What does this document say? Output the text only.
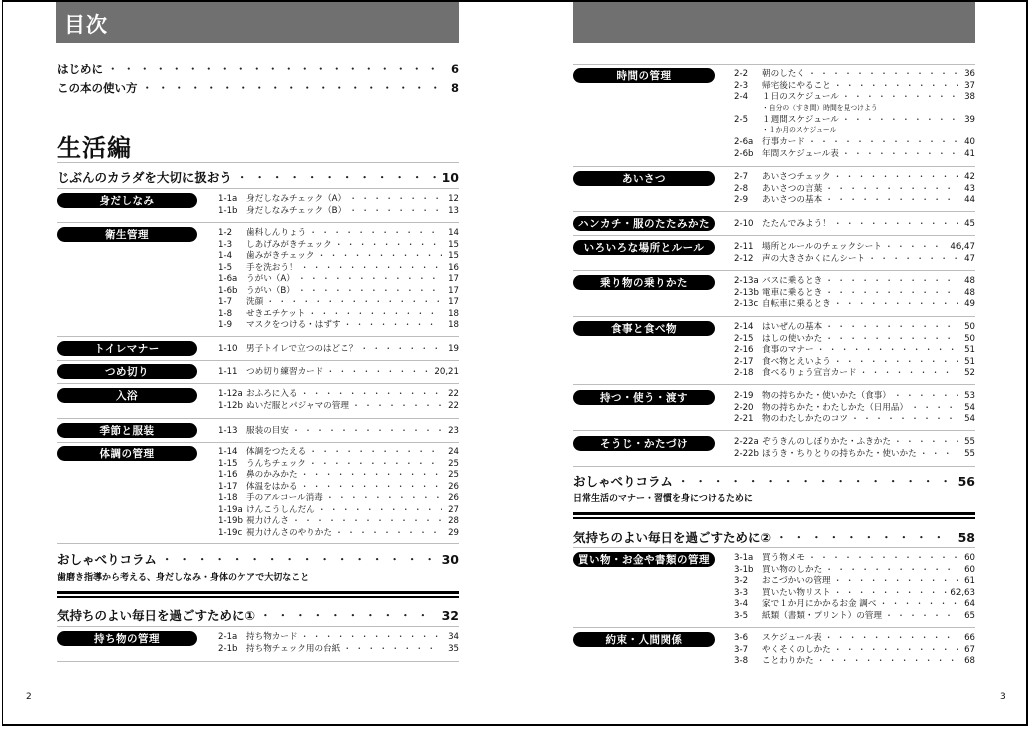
目次
はじめに ・・・・・・・・・・・・・・・・・・・・・・・・・・・・・・・・・・・・・・・・・・・・・・・・・・・・・・・・・	6
この本の使い方 ・・・・・・・・・・・・・・・・・・・・・・・・・・・・・・・・・・・・・・・・・・・・・・・・・・・・・・・・・	8
生活編
じぶんのカラダを大切に扱おう ・・・・・・・・・・・・・・・・・・・・・・・・・・・・・・・・・・・・・・・・・・・・・・・・・・・・・・・・・	10
身だしなみ	1-1a	身だしなみチェック（A） ・・・・・・・・・・・・・・・・・・・・・・・・・・・・・・・・・・・・・・・・・・・・・・・・・・・・・・・・・	12
1-1b 身だしなみチェック（B） ・・・・・・・・・・・・・・・・・・・・・・・・・・・・・・・・・・・・・・・・・・・・・・・・・・・・・・・・・	13
衛生管理	1-2	歯科しんりょう ・・・・・・・・・・・・・・・・・・・・・・・・・・・・・・・・・・・・・・・・・・・・・・・・・・・・・・・・・	14
1-3	しあげみがきチェック ・・・・・・・・・・・・・・・・・・・・・・・・・・・・・・・・・・・・・・・・・・・・・・・・・・・・・・・・・	15
1-4	歯みがきチェック ・・・・・・・・・・・・・・・・・・・・・・・・・・・・・・・・・・・・・・・・・・・・・・・・・・・・・・・・・	15
1-5	手を洗おう！ ・・・・・・・・・・・・・・・・・・・・・・・・・・・・・・・・・・・・・・・・・・・・・・・・・・・・・・・・・	16
1-6a	うがい（A） ・・・・・・・・・・・・・・・・・・・・・・・・・・・・・・・・・・・・・・・・・・・・・・・・・・・・・・・・・	17
1-6b うがい（B） ・・・・・・・・・・・・・・・・・・・・・・・・・・・・・・・・・・・・・・・・・・・・・・・・・・・・・・・・・	17
1-7	洗顔 ・・・・・・・・・・・・・・・・・・・・・・・・・・・・・・・・・・・・・・・・・・・・・・・・・・・・・・・・・	17
1-8	せきエチケット ・・・・・・・・・・・・・・・・・・・・・・・・・・・・・・・・・・・・・・・・・・・・・・・・・・・・・・・・・	18
1-9	マスクをつける・はずす ・・・・・・・・・・・・・・・・・・・・・・・・・・・・・・・・・・・・・・・・・・・・・・・・・・・・・・・・・	18
トイレマナー	1-10 男子トイレで立つのはどこ？ ・・・・・・・・・・・・・・・・・・・・・・・・・・・・・・・・・・・・・・・・・・・・・・・・・・・・・・・・・	19
つめ切り	1-11 つめ切り練習カード ・・・・・・・・・・・・・・・・・・・・・・・・・・・・・・・・・・・・・・・・・・・・・・・・・・・・・・・・・	20,21
入浴	1-12a おふろに入る ・・・・・・・・・・・・・・・・・・・・・・・・・・・・・・・・・・・・・・・・・・・・・・・・・・・・・・・・・	22
1-12b ぬいだ服とパジャマの管理 ・・・・・・・・・・・・・・・・・・・・・・・・・・・・・・・・・・・・・・・・・・・・・・・・・・・・・・・・・	22
季節と服装	1-13 服装の目安 ・・・・・・・・・・・・・・・・・・・・・・・・・・・・・・・・・・・・・・・・・・・・・・・・・・・・・・・・・	23
体調の管理	1-14 体調をつたえる ・・・・・・・・・・・・・・・・・・・・・・・・・・・・・・・・・・・・・・・・・・・・・・・・・・・・・・・・・	24
1-15 うんちチェック ・・・・・・・・・・・・・・・・・・・・・・・・・・・・・・・・・・・・・・・・・・・・・・・・・・・・・・・・・	25
1-16 鼻のかみかた ・・・・・・・・・・・・・・・・・・・・・・・・・・・・・・・・・・・・・・・・・・・・・・・・・・・・・・・・・	25
1-17 体温をはかる ・・・・・・・・・・・・・・・・・・・・・・・・・・・・・・・・・・・・・・・・・・・・・・・・・・・・・・・・・	26
1-18 手のアルコール消毒 ・・・・・・・・・・・・・・・・・・・・・・・・・・・・・・・・・・・・・・・・・・・・・・・・・・・・・・・・・	26
1-19a けんこうしんだん ・・・・・・・・・・・・・・・・・・・・・・・・・・・・・・・・・・・・・・・・・・・・・・・・・・・・・・・・・	27
1-19b 視力けんさ ・・・・・・・・・・・・・・・・・・・・・・・・・・・・・・・・・・・・・・・・・・・・・・・・・・・・・・・・・	28
1-19c 視力けんさのやりかた ・・・・・・・・・・・・・・・・・・・・・・・・・・・・・・・・・・・・・・・・・・・・・・・・・・・・・・・・・	29
おしゃべりコラム ・・・・・・・・・・・・・・・・・・・・・・・・・・・・・・・・・・・・・・・・・・・・・・・・・・・・・・・・・	30
歯磨き指導から考える、身だしなみ・身体のケアで大切なこと
気持ちのよい毎日を過ごすために① ・・・・・・・・・・・・・・・・・・・・・・・・・・・・・・・・・・・・・・・・・・・・・・・・・・・・・・・・・	32
持ち物の管理	2-1a	持ち物カード ・・・・・・・・・・・・・・・・・・・・・・・・・・・・・・・・・・・・・・・・・・・・・・・・・・・・・・・・・	34
2-1b 持ち物チェック用の台紙 ・・・・・・・・・・・・・・・・・・・・・・・・・・・・・・・・・・・・・・・・・・・・・・・・・・・・・・・・・	35
2
時間の管理	2-2	朝のしたく ・・・・・・・・・・・・・・・・・・・・・・・・・・・・・・・・・・・・・・・・・・・・・・・・・・・・・・・・・	36
2-3	帰宅後にやること ・・・・・・・・・・・・・・・・・・・・・・・・・・・・・・・・・・・・・・・・・・・・・・・・・・・・・・・・・	37
2-4	１日のスケジュール ・・・・・・・・・・・・・・・・・・・・・・・・・・・・・・・・・・・・・・・・・・・・・・・・・・・・・・・・・	38
・自分の（すき間）時間を見つけよう
2-5	１週間スケジュール ・・・・・・・・・・・・・・・・・・・・・・・・・・・・・・・・・・・・・・・・・・・・・・・・・・・・・・・・・	39
・１か月のスケジュール
2-6a	行事カード ・・・・・・・・・・・・・・・・・・・・・・・・・・・・・・・・・・・・・・・・・・・・・・・・・・・・・・・・・	40
2-6b 年間スケジュール表 ・・・・・・・・・・・・・・・・・・・・・・・・・・・・・・・・・・・・・・・・・・・・・・・・・・・・・・・・・	41
あいさつ	2-7	あいさつチェック ・・・・・・・・・・・・・・・・・・・・・・・・・・・・・・・・・・・・・・・・・・・・・・・・・・・・・・・・・	42
2-8	あいさつの言葉 ・・・・・・・・・・・・・・・・・・・・・・・・・・・・・・・・・・・・・・・・・・・・・・・・・・・・・・・・・	43
2-9	あいさつの基本 ・・・・・・・・・・・・・・・・・・・・・・・・・・・・・・・・・・・・・・・・・・・・・・・・・・・・・・・・・	44
ハンカチ・服のたたみかた	2-10 たたんでみよう！ ・・・・・・・・・・・・・・・・・・・・・・・・・・・・・・・・・・・・・・・・・・・・・・・・・・・・・・・・・	45
いろいろな場所とルール	2-11 場所とルールのチェックシート ・・・・・・・・・・・・・・・・・・・・・・・・・・・・・・・・・・・・・・・・・・・・・・・・・・・・・・・・・	46,47
2-12 声の大きさかくにんシート ・・・・・・・・・・・・・・・・・・・・・・・・・・・・・・・・・・・・・・・・・・・・・・・・・・・・・・・・・	47
乗り物の乗りかた	2-13a バスに乗るとき ・・・・・・・・・・・・・・・・・・・・・・・・・・・・・・・・・・・・・・・・・・・・・・・・・・・・・・・・・	48
2-13b 電車に乗るとき ・・・・・・・・・・・・・・・・・・・・・・・・・・・・・・・・・・・・・・・・・・・・・・・・・・・・・・・・・	48
2-13c 自転車に乗るとき ・・・・・・・・・・・・・・・・・・・・・・・・・・・・・・・・・・・・・・・・・・・・・・・・・・・・・・・・・	49
食事と食べ物	2-14 はいぜんの基本 ・・・・・・・・・・・・・・・・・・・・・・・・・・・・・・・・・・・・・・・・・・・・・・・・・・・・・・・・・	50
2-15 はしの使いかた ・・・・・・・・・・・・・・・・・・・・・・・・・・・・・・・・・・・・・・・・・・・・・・・・・・・・・・・・・	50
2-16 食事のマナー ・・・・・・・・・・・・・・・・・・・・・・・・・・・・・・・・・・・・・・・・・・・・・・・・・・・・・・・・・	51
2-17 食べ物とえいよう ・・・・・・・・・・・・・・・・・・・・・・・・・・・・・・・・・・・・・・・・・・・・・・・・・・・・・・・・・	51
2-18 食べるりょう宣言カード ・・・・・・・・・・・・・・・・・・・・・・・・・・・・・・・・・・・・・・・・・・・・・・・・・・・・・・・・・	52
持つ・使う・渡す	2-19 物の持ちかた・使いかた（食事） ・・・・・・・・・・・・・・・・・・・・・・・・・・・・・・・・・・・・・・・・・・・・・・・・・・・・・・・・・	53
2-20 物の持ちかた・わたしかた（日用品） ・・・・・・・・・・・・・・・・・・・・・・・・・・・・・・・・・・・・・・・・・・・・・・・・・・・・・・・・・	54
2-21 物のわたしかたのコツ ・・・・・・・・・・・・・・・・・・・・・・・・・・・・・・・・・・・・・・・・・・・・・・・・・・・・・・・・・	54
そうじ・かたづけ	2-22a ぞうきんのしぼりかた・ふきかた ・・・・・・・・・・・・・・・・・・・・・・・・・・・・・・・・・・・・・・・・・・・・・・・・・・・・・・・・・	55
2-22b ほうき・ちりとりの持ちかた・使いかた ・・・・・・・・・・・・・・・・・・・・・・・・・・・・・・・・・・・・・・・・・・・・・・・・・・・・・・・・・	55
おしゃべりコラム ・・・・・・・・・・・・・・・・・・・・・・・・・・・・・・・・・・・・・・・・・・・・・・・・・・・・・・・・・	56
日常生活のマナー・習慣を身につけるために
気持ちのよい毎日を過ごすために② ・・・・・・・・・・・・・・・・・・・・・・・・・・・・・・・・・・・・・・・・・・・・・・・・・・・・・・・・・	58
買い物・お金や書類の管理	3-1a	買う物メモ ・・・・・・・・・・・・・・・・・・・・・・・・・・・・・・・・・・・・・・・・・・・・・・・・・・・・・・・・・	60
3-1b 買い物のしかた ・・・・・・・・・・・・・・・・・・・・・・・・・・・・・・・・・・・・・・・・・・・・・・・・・・・・・・・・・	60
3-2	おこづかいの管理 ・・・・・・・・・・・・・・・・・・・・・・・・・・・・・・・・・・・・・・・・・・・・・・・・・・・・・・・・・	61
3-3	買いたい物リスト ・・・・・・・・・・・・・・・・・・・・・・・・・・・・・・・・・・・・・・・・・・・・・・・・・・・・・・・・・	62,63
3-4	家で１か月にかかるお金 調べ ・・・・・・・・・・・・・・・・・・・・・・・・・・・・・・・・・・・・・・・・・・・・・・・・・・・・・・・・・	64
3-5	紙類（書類・プリント）の管理 ・・・・・・・・・・・・・・・・・・・・・・・・・・・・・・・・・・・・・・・・・・・・・・・・・・・・・・・・・	65
約束・人間関係	3-6	スケジュール表 ・・・・・・・・・・・・・・・・・・・・・・・・・・・・・・・・・・・・・・・・・・・・・・・・・・・・・・・・・	66
3-7	やくそくのしかた ・・・・・・・・・・・・・・・・・・・・・・・・・・・・・・・・・・・・・・・・・・・・・・・・・・・・・・・・・	67
3-8	ことわりかた ・・・・・・・・・・・・・・・・・・・・・・・・・・・・・・・・・・・・・・・・・・・・・・・・・・・・・・・・・	68
3
